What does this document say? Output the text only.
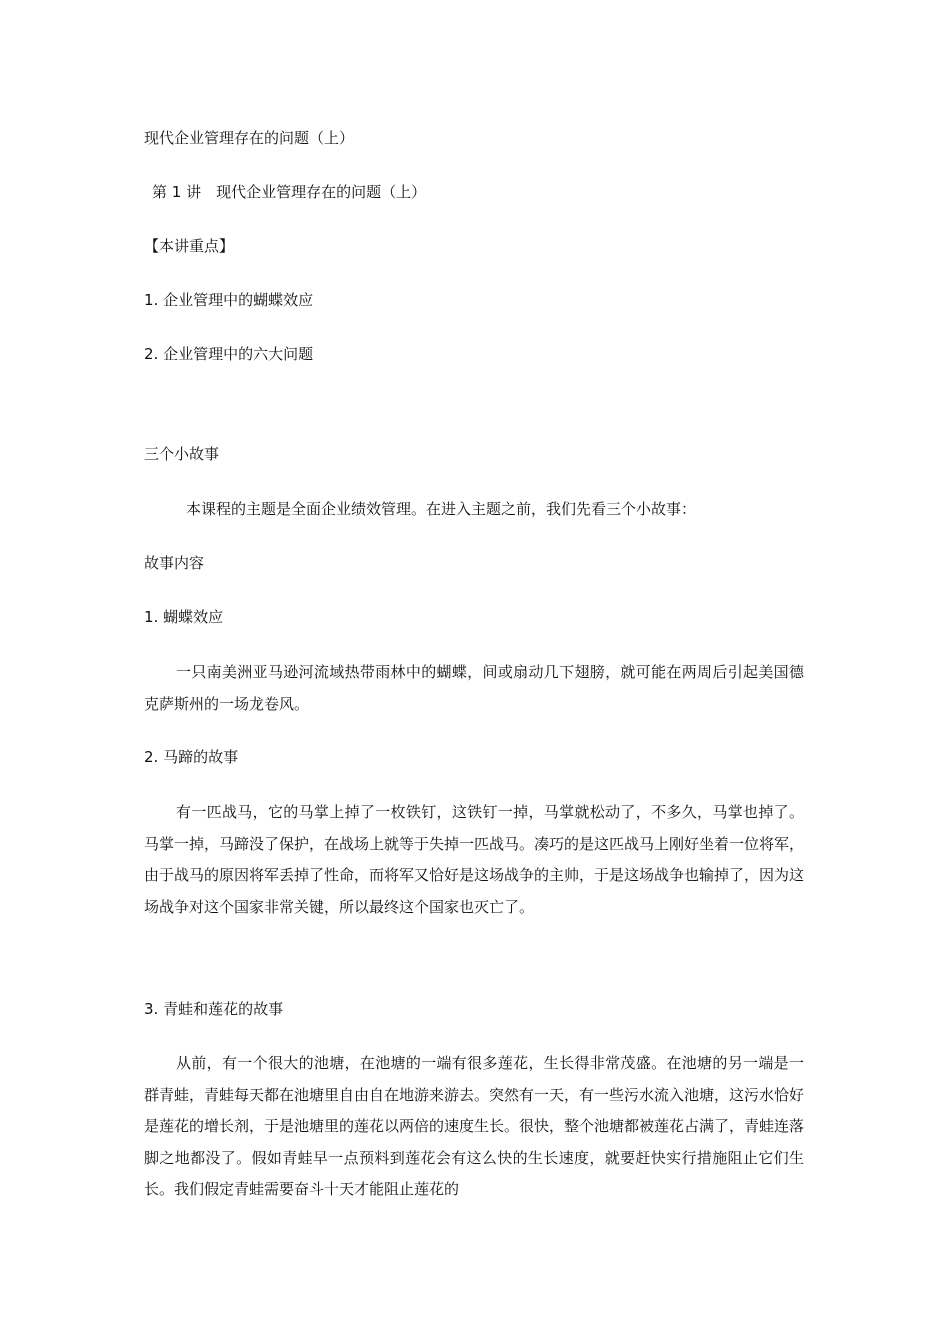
现代企业管理存在的问题（上）
第 1 讲　现代企业管理存在的问题（上）
【本讲重点】
1. 企业管理中的蝴蝶效应
2. 企业管理中的六大问题
三个小故事
本课程的主题是全面企业绩效管理。在进入主题之前，我们先看三个小故事：
故事内容
1. 蝴蝶效应

一只南美洲亚马逊河流域热带雨林中的蝴蝶，间或扇动几下翅膀，就可能在两周后引起美国德克萨斯州的一场龙卷风。

2. 马蹄的故事

有一匹战马，它的马掌上掉了一枚铁钉，这铁钉一掉，马掌就松动了，不多久，马掌也掉了。马掌一掉，马蹄没了保护，在战场上就等于失掉一匹战马。凑巧的是这匹战马上刚好坐着一位将军，由于战马的原因将军丢掉了性命，而将军又恰好是这场战争的主帅，于是这场战争也输掉了，因为这场战争对这个国家非常关键，所以最终这个国家也灭亡了。

3. 青蛙和莲花的故事

从前，有一个很大的池塘，在池塘的一端有很多莲花，生长得非常茂盛。在池塘的另一端是一群青蛙，青蛙每天都在池塘里自由自在地游来游去。突然有一天，有一些污水流入池塘，这污水恰好是莲花的增长剂，于是池塘里的莲花以两倍的速度生长。很快，整个池塘都被莲花占满了，青蛙连落脚之地都没了。假如青蛙早一点预料到莲花会有这么快的生长速度，就要赶快实行措施阻止它们生长。我们假定青蛙需要奋斗十天才能阻止莲花的
